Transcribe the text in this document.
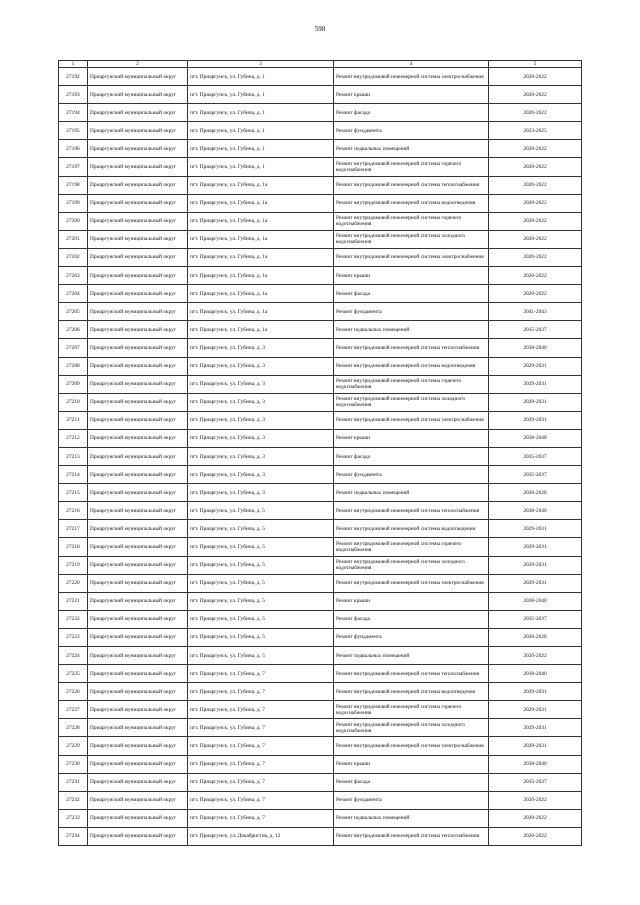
598
1	2	3	4	5
27192	Приаргунский муниципальный округ	пгт. Приаргунск, ул. Губина, д. 1	Ремонт внутридомовой инженерной системы электроснабжения	2020-2022
27193	Приаргунский муниципальный округ	пгт. Приаргунск, ул. Губина, д. 1	Ремонт крыши	2020-2022
27194	Приаргунский муниципальный округ	пгт. Приаргунск, ул. Губина, д. 1	Ремонт фасада	2020-2022
27195	Приаргунский муниципальный округ	пгт. Приаргунск, ул. Губина, д. 1	Ремонт фундамента	2023-2025
27196	Приаргунский муниципальный округ	пгт. Приаргунск, ул. Губина, д. 1	Ремонт подвальных помещений	2020-2022
27197	Приаргунский муниципальный округ	пгт. Приаргунск, ул. Губина, д. 1	Ремонт внутридомовой инженерной системы горячего водоснабжения	2020-2022
27198	Приаргунский муниципальный округ	пгт. Приаргунск, ул. Губина, д. 1а	Ремонт внутридомовой инженерной системы теплоснабжения	2020-2022
27199	Приаргунский муниципальный округ	пгт. Приаргунск, ул. Губина, д. 1а	Ремонт внутридомовой инженерной системы водоотведения	2020-2022
27200	Приаргунский муниципальный округ	пгт. Приаргунск, ул. Губина, д. 1а	Ремонт внутридомовой инженерной системы горячего водоснабжения	2020-2022
27201	Приаргунский муниципальный округ	пгт. Приаргунск, ул. Губина, д. 1а	Ремонт внутридомовой инженерной системы холодного водоснабжения	2020-2022
27202	Приаргунский муниципальный округ	пгт. Приаргунск, ул. Губина, д. 1а	Ремонт внутридомовой инженерной системы электроснабжения	2020-2022
27203	Приаргунский муниципальный округ	пгт. Приаргунск, ул. Губина, д. 1а	Ремонт крыши	2020-2022
27204	Приаргунский муниципальный округ	пгт. Приаргунск, ул. Губина, д. 1а	Ремонт фасада	2020-2022
27205	Приаргунский муниципальный округ	пгт. Приаргунск, ул. Губина, д. 1а	Ремонт фундамента	2041-2043
27206	Приаргунский муниципальный округ	пгт. Приаргунск, ул. Губина, д. 1а	Ремонт подвальных помещений	2035-2037
27207	Приаргунский муниципальный округ	пгт. Приаргунск, ул. Губина, д. 3	Ремонт внутридомовой инженерной системы теплоснабжения	2038-2040
27208	Приаргунский муниципальный округ	пгт. Приаргунск, ул. Губина, д. 3	Ремонт внутридомовой инженерной системы водоотведения	2029-2031
27209	Приаргунский муниципальный округ	пгт. Приаргунск, ул. Губина, д. 3	Ремонт внутридомовой инженерной системы горячего водоснабжения	2029-2031
27210	Приаргунский муниципальный округ	пгт. Приаргунск, ул. Губина, д. 3	Ремонт внутридомовой инженерной системы холодного водоснабжения	2029-2031
27211	Приаргунский муниципальный округ	пгт. Приаргунск, ул. Губина, д. 3	Ремонт внутридомовой инженерной системы электроснабжения	2029-2031
27212	Приаргунский муниципальный округ	пгт. Приаргунск, ул. Губина, д. 3	Ремонт крыши	2038-2040
27213	Приаргунский муниципальный округ	пгт. Приаргунск, ул. Губина, д. 3	Ремонт фасада	2035-2037
27214	Приаргунский муниципальный округ	пгт. Приаргунск, ул. Губина, д. 3	Ремонт фундамента	2035-2037
27215	Приаргунский муниципальный округ	пгт. Приаргунск, ул. Губина, д. 3	Ремонт подвальных помещений	2026-2028
27216	Приаргунский муниципальный округ	пгт. Приаргунск, ул. Губина, д. 5	Ремонт внутридомовой инженерной системы теплоснабжения	2038-2040
27217	Приаргунский муниципальный округ	пгт. Приаргунск, ул. Губина, д. 5	Ремонт внутридомовой инженерной системы водоотведения	2029-2031
27218	Приаргунский муниципальный округ	пгт. Приаргунск, ул. Губина, д. 5	Ремонт внутридомовой инженерной системы горячего водоснабжения	2029-2031
27219	Приаргунский муниципальный округ	пгт. Приаргунск, ул. Губина, д. 5	Ремонт внутридомовой инженерной системы холодного водоснабжения	2029-2031
27220	Приаргунский муниципальный округ	пгт. Приаргунск, ул. Губина, д. 5	Ремонт внутридомовой инженерной системы электроснабжения	2029-2031
27221	Приаргунский муниципальный округ	пгт. Приаргунск, ул. Губина, д. 5	Ремонт крыши	2038-2040
27222	Приаргунский муниципальный округ	пгт. Приаргунск, ул. Губина, д. 5	Ремонт фасада	2035-2037
27223	Приаргунский муниципальный округ	пгт. Приаргунск, ул. Губина, д. 5	Ремонт фундамента	2026-2028
27224	Приаргунский муниципальный округ	пгт. Приаргунск, ул. Губина, д. 5	Ремонт подвальных помещений	2020-2022
27225	Приаргунский муниципальный округ	пгт. Приаргунск, ул. Губина, д. 7	Ремонт внутридомовой инженерной системы теплоснабжения	2038-2040
27226	Приаргунский муниципальный округ	пгт. Приаргунск, ул. Губина, д. 7	Ремонт внутридомовой инженерной системы водоотведения	2029-2031
27227	Приаргунский муниципальный округ	пгт. Приаргунск, ул. Губина, д. 7	Ремонт внутридомовой инженерной системы горячего водоснабжения	2029-2031
27228	Приаргунский муниципальный округ	пгт. Приаргунск, ул. Губина, д. 7	Ремонт внутридомовой инженерной системы холодного водоснабжения	2029-2031
27229	Приаргунский муниципальный округ	пгт. Приаргунск, ул. Губина, д. 7	Ремонт внутридомовой инженерной системы электроснабжения	2029-2031
27230	Приаргунский муниципальный округ	пгт. Приаргунск, ул. Губина, д. 7	Ремонт крыши	2038-2040
27231	Приаргунский муниципальный округ	пгт. Приаргунск, ул. Губина, д. 7	Ремонт фасада	2035-2037
27232	Приаргунский муниципальный округ	пгт. Приаргунск, ул. Губина, д. 7	Ремонт фундамента	2020-2022
27233	Приаргунский муниципальный округ	пгт. Приаргунск, ул. Губина, д. 7	Ремонт подвальных помещений	2020-2022
27234	Приаргунский муниципальный округ	пгт. Приаргунск, ул. Декабристов, д. 12	Ремонт внутридомовой инженерной системы теплоснабжения	2020-2022
